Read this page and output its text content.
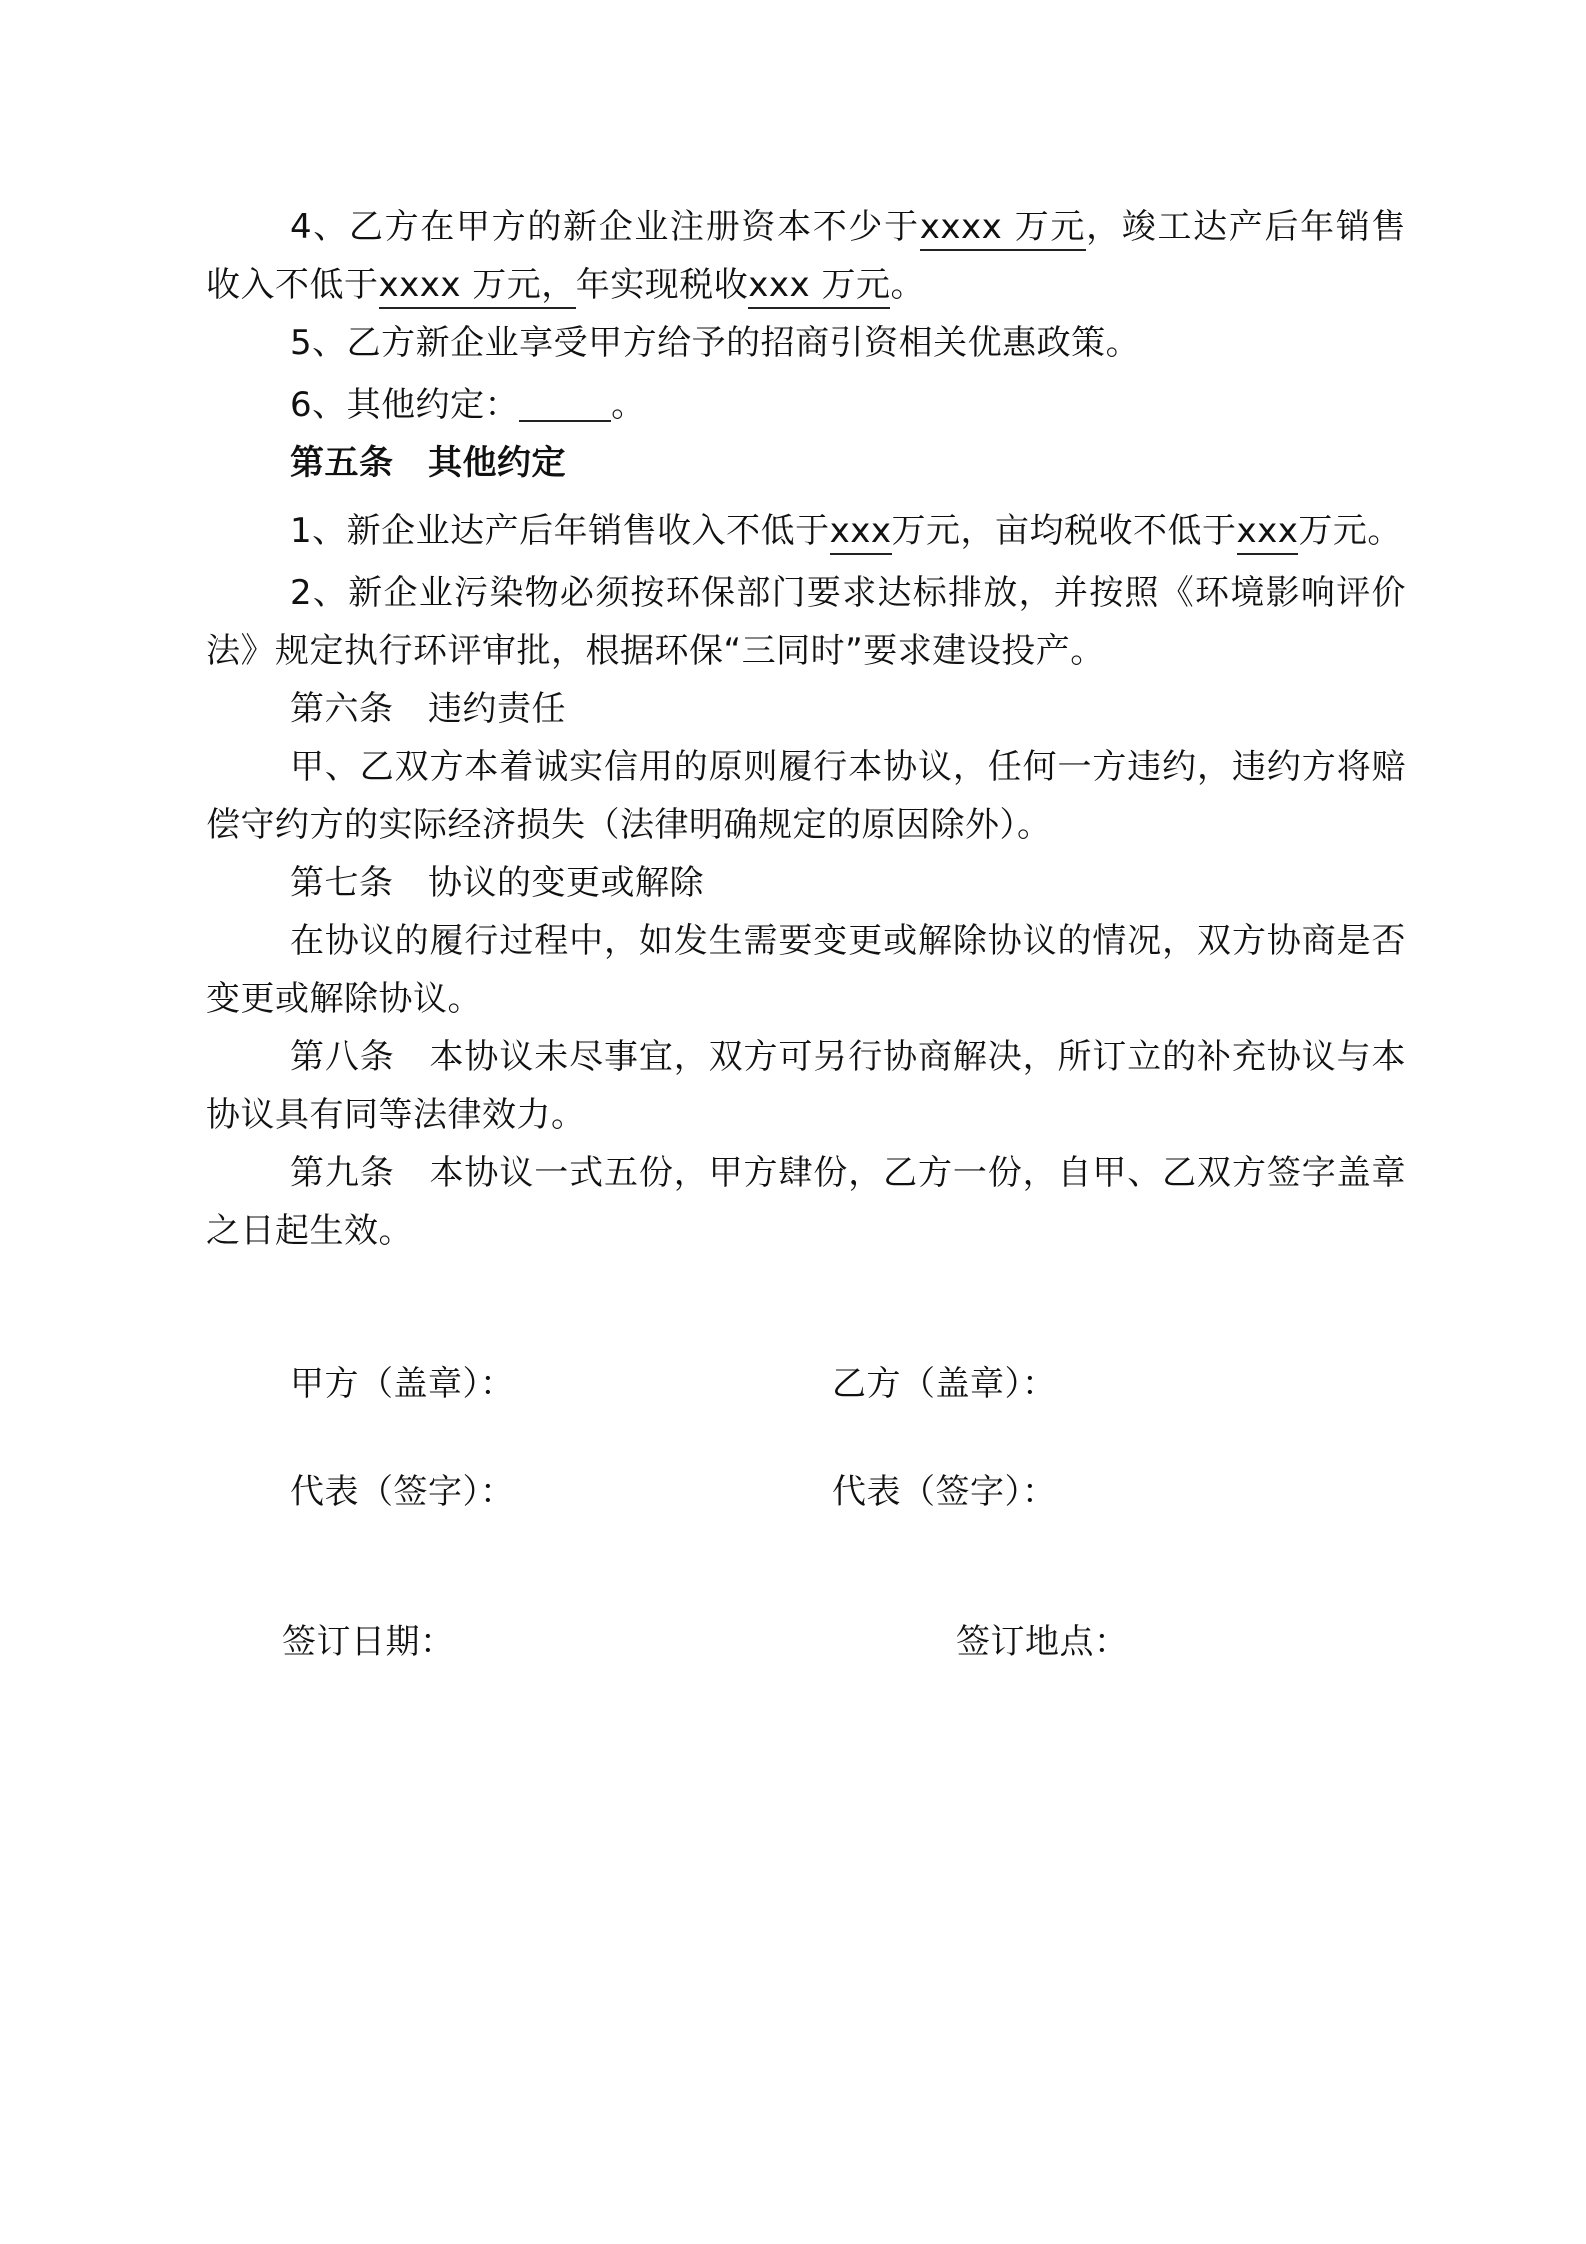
4、乙方在甲方的新企业注册资本不少于xxxx 万元，竣工达产后年销售收入不低于xxxx 万元，年实现税收xxx 万元。

5、乙方新企业享受甲方给予的招商引资相关优惠政策。

6、其他约定：	。

第五条　其他约定

1、新企业达产后年销售收入不低于xxx万元，亩均税收不低于xxx万元。

2、新企业污染物必须按环保部门要求达标排放，并按照《环境影响评价法》规定执行环评审批，根据环保“三同时”要求建设投产。

第六条　违约责任

甲、乙双方本着诚实信用的原则履行本协议，任何一方违约，违约方将赔偿守约方的实际经济损失（法律明确规定的原因除外）。

第七条　协议的变更或解除

在协议的履行过程中，如发生需要变更或解除协议的情况，双方协商是否变更或解除协议。

第八条　本协议未尽事宜，双方可另行协商解决，所订立的补充协议与本协议具有同等法律效力。

第九条　本协议一式五份，甲方肆份，乙方一份，自甲、乙双方签字盖章之日起生效。

甲方（盖章）：	乙方（盖章）：
代表（签字）：	代表（签字）：
签订日期：	签订地点：
